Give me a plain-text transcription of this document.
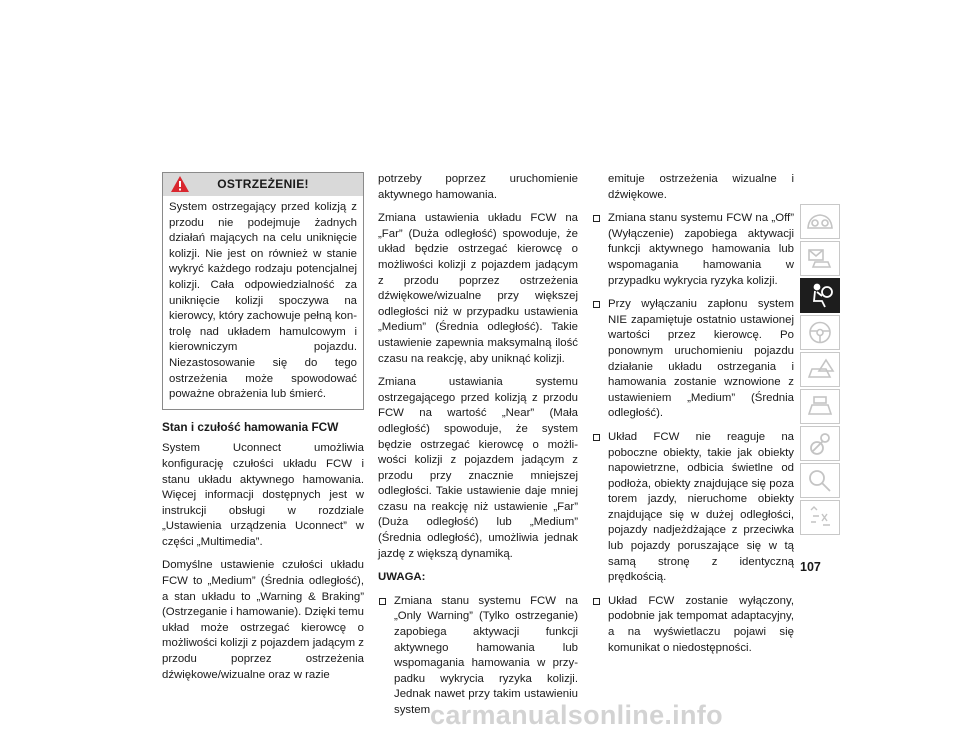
OSTRZEŻENIE!
System ostrzegający przed kolizją z przodu nie podejmuje żadnych działań mających na celu uniknięcie kolizji. Nie jest on również w stanie wykryć każdego rodzaju potencjalnej kolizji. Cała odpowiedzialność za uniknięcie kolizji spoczywa na kierowcy, który zachowuje pełną kontrolę nad układem hamulcowym i kierowniczym pojazdu. Niezastosowanie się do tego ostrzeżenia może spowodować poważne obrażenia lub śmierć.
Stan i czułość hamowania FCW

System Uconnect umożliwia konfigurację czułości układu FCW i stanu układu aktywnego hamowania. Więcej informacji dostępnych jest w instrukcji obsługi w rozdziale „Ustawienia urządzenia Uconnect” w części „Multimedia”.

Domyślne ustawienie czułości układu FCW to „Medium” (Średnia odległość), a stan układu to „Warning & Braking” (Ostrzeganie i hamowanie). Dzięki temu układ może ostrzegać kierowcę o możliwości kolizji z pojazdem jadącym z przodu poprzez ostrzeżenia dźwiękowe/wizualne oraz w razie

potrzeby poprzez uruchomienie aktywnego hamowania.

Zmiana ustawienia układu FCW na „Far” (Duża odległość) spowoduje, że układ będzie ostrzegać kierowcę o możliwości kolizji z pojazdem jadącym z przodu poprzez ostrzeżenia dźwiękowe/wizualne przy większej odległości niż w przypadku ustawienia „Medium” (Średnia odległość). Takie ustawienie zapewnia maksymalną ilość czasu na reakcję, aby uniknąć kolizji.

Zmiana ustawiania systemu ostrzegającego przed kolizją z przodu FCW na wartość „Near” (Mała odległość) spowoduje, że system będzie ostrzegać kierowcę o możliwości kolizji z pojazdem jadącym z przodu przy znacznie mniejszej odległości. Takie ustawienie daje mniej czasu na reakcję niż ustawienie „Far” (Duża odległość) lub „Medium” (Średnia odległość), umożliwia jednak jazdę z większą dynamiką.

UWAGA:
Zmiana stanu systemu FCW na „Only Warning” (Tylko ostrzeganie) zapobiega aktywacji funkcji aktywnego hamowania lub wspomagania hamowania w przypadku wykrycia ryzyka kolizji. Jednak nawet przy takim ustawieniu system
emituje ostrzeżenia wizualne i dźwiękowe.
Zmiana stanu systemu FCW na „Off” (Wyłączenie) zapobiega aktywacji funkcji aktywnego hamowania lub wspomagania hamowania w przypadku wykrycia ryzyka kolizji.
Przy wyłączaniu zapłonu system NIE zapamiętuje ostatnio ustawionej wartości przez kierowcę. Po ponownym uruchomieniu pojazdu działanie układu ostrzegania i hamowania zostanie wznowione z ustawieniem „Medium” (Średnia odległość).
Układ FCW nie reaguje na poboczne obiekty, takie jak obiekty napowietrzne, odbicia świetlne od podłoża, obiekty znajdujące się poza torem jazdy, nieruchome obiekty znajdujące się w dużej odległości, pojazdy nadjeżdżające z przeciwka lub pojazdy poruszające się w tą samą stronę z identyczną prędkością.
Układ FCW zostanie wyłączony, podobnie jak tempomat adaptacyjny, a na wyświetlaczu pojawi się komunikat o niedostępności.
107
carmanualsonline.info
